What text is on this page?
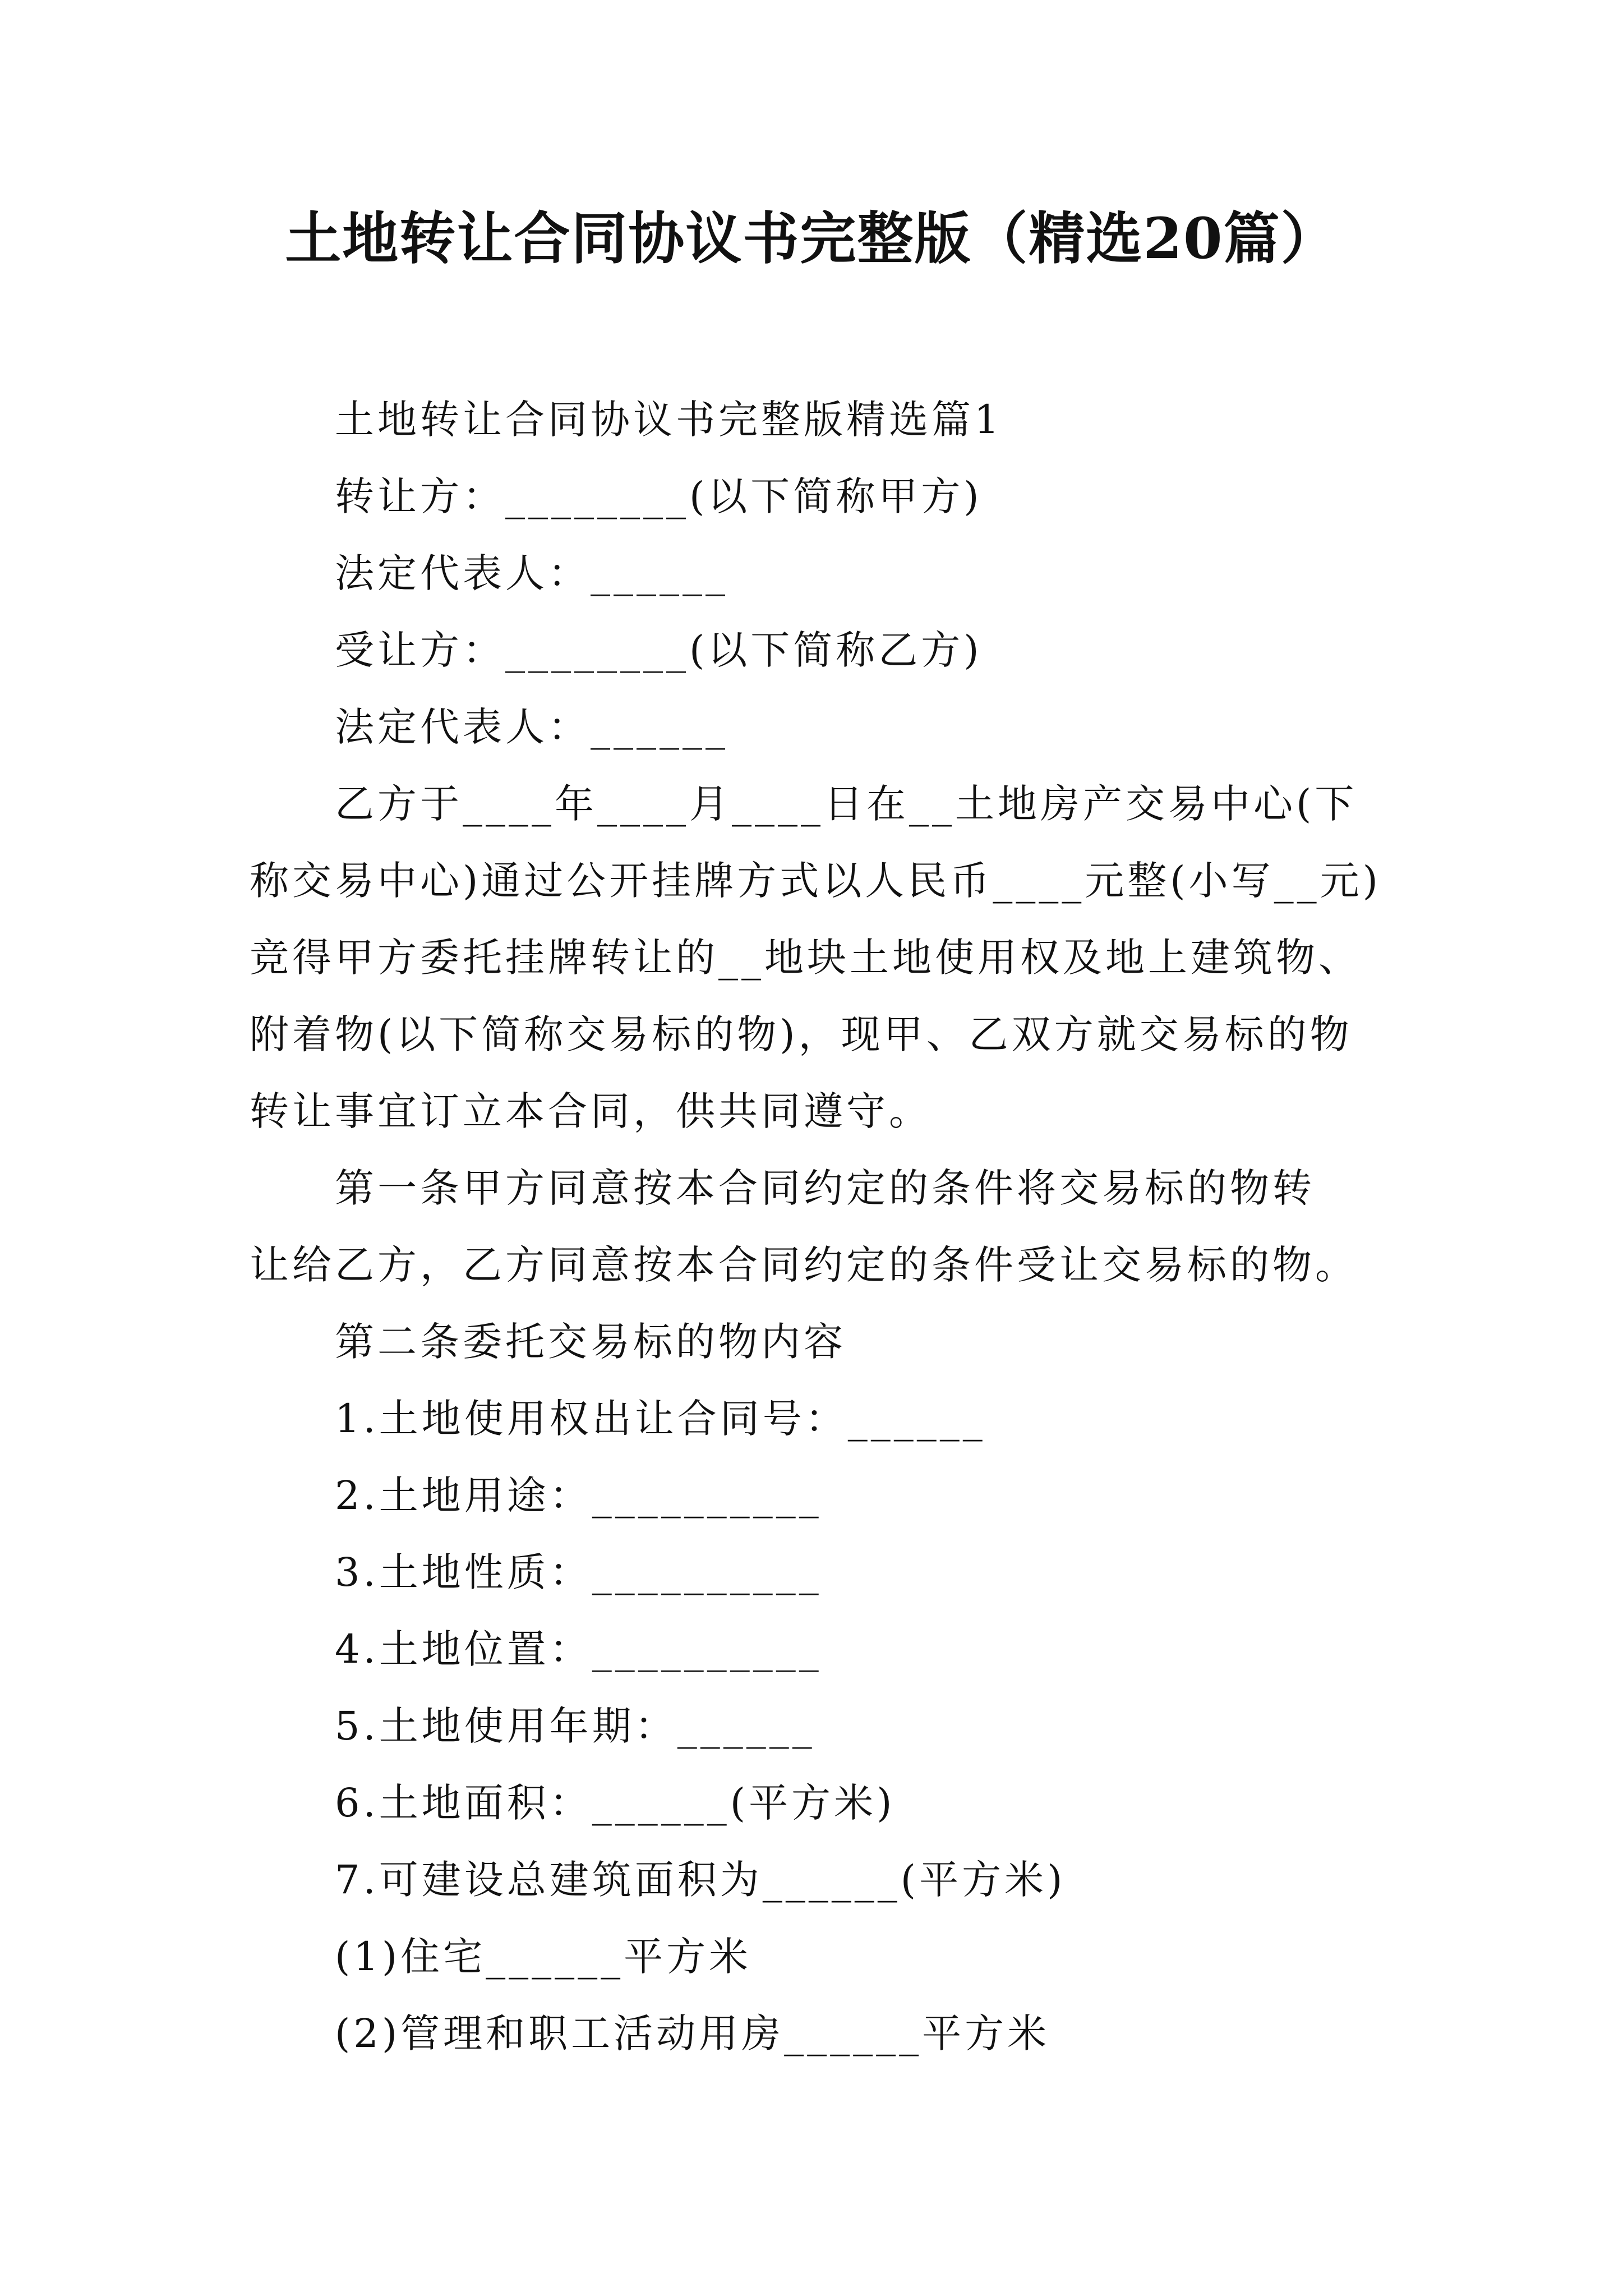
土地转让合同协议书完整版（精选20篇）

土地转让合同协议书完整版精选篇1

转让方：________(以下简称甲方)

法定代表人：______

受让方：________(以下简称乙方)

法定代表人：______

乙方于____年____月____日在__土地房产交易中心(下

称交易中心)通过公开挂牌方式以人民币____元整(小写__元)

竞得甲方委托挂牌转让的__地块土地使用权及地上建筑物、

附着物(以下简称交易标的物)，现甲、乙双方就交易标的物

转让事宜订立本合同，供共同遵守。

第一条甲方同意按本合同约定的条件将交易标的物转

让给乙方，乙方同意按本合同约定的条件受让交易标的物。

第二条委托交易标的物内容

1.土地使用权出让合同号：______

2.土地用途：__________

3.土地性质：__________

4.土地位置：__________

5.土地使用年期：______

6.土地面积：______(平方米)

7.可建设总建筑面积为______(平方米)

(1)住宅______平方米

(2)管理和职工活动用房______平方米
